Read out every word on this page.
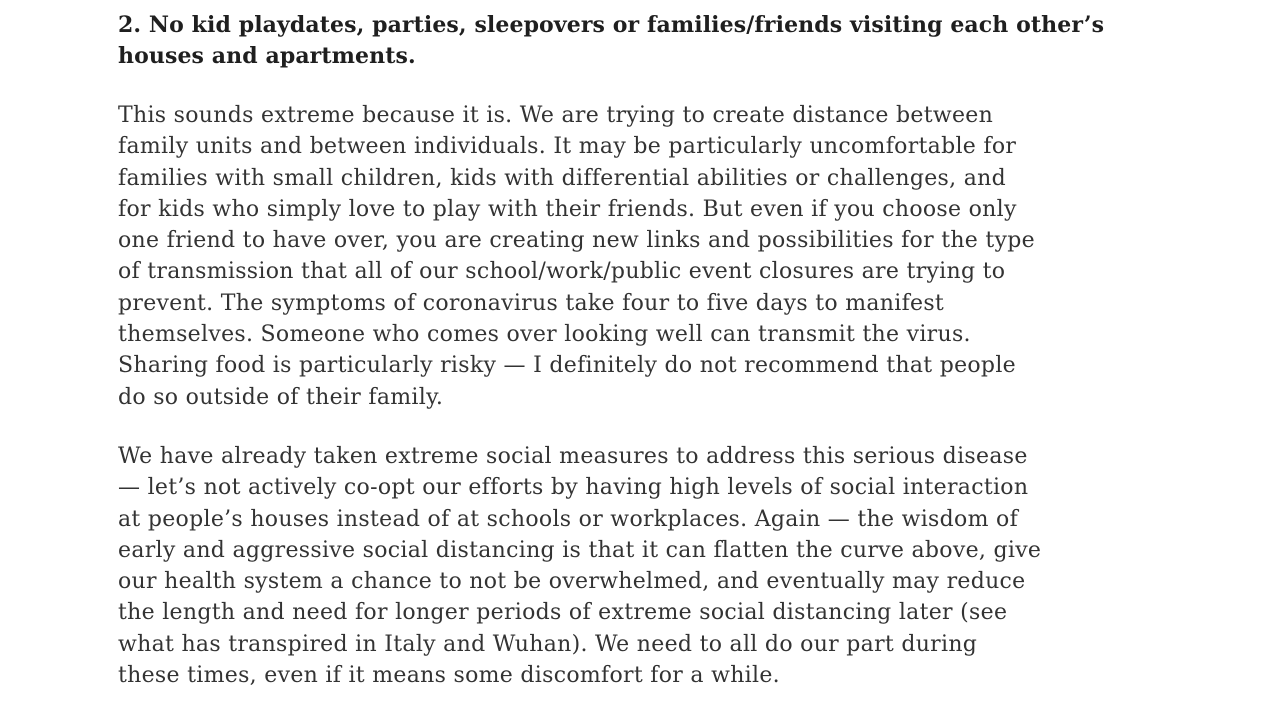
2. No kid playdates, parties, sleepovers or families/friends visiting each other’s
houses and apartments.

This sounds extreme because it is. We are trying to create distance between
family units and between individuals. It may be particularly uncomfortable for
families with small children, kids with differential abilities or challenges, and
for kids who simply love to play with their friends. But even if you choose only
one friend to have over, you are creating new links and possibilities for the type
of transmission that all of our school/work/public event closures are trying to
prevent. The symptoms of coronavirus take four to five days to manifest
themselves. Someone who comes over looking well can transmit the virus.
Sharing food is particularly risky — I definitely do not recommend that people
do so outside of their family.

We have already taken extreme social measures to address this serious disease
— let’s not actively co-opt our efforts by having high levels of social interaction
at people’s houses instead of at schools or workplaces. Again — the wisdom of
early and aggressive social distancing is that it can flatten the curve above, give
our health system a chance to not be overwhelmed, and eventually may reduce
the length and need for longer periods of extreme social distancing later (see
what has transpired in Italy and Wuhan). We need to all do our part during
these times, even if it means some discomfort for a while.
